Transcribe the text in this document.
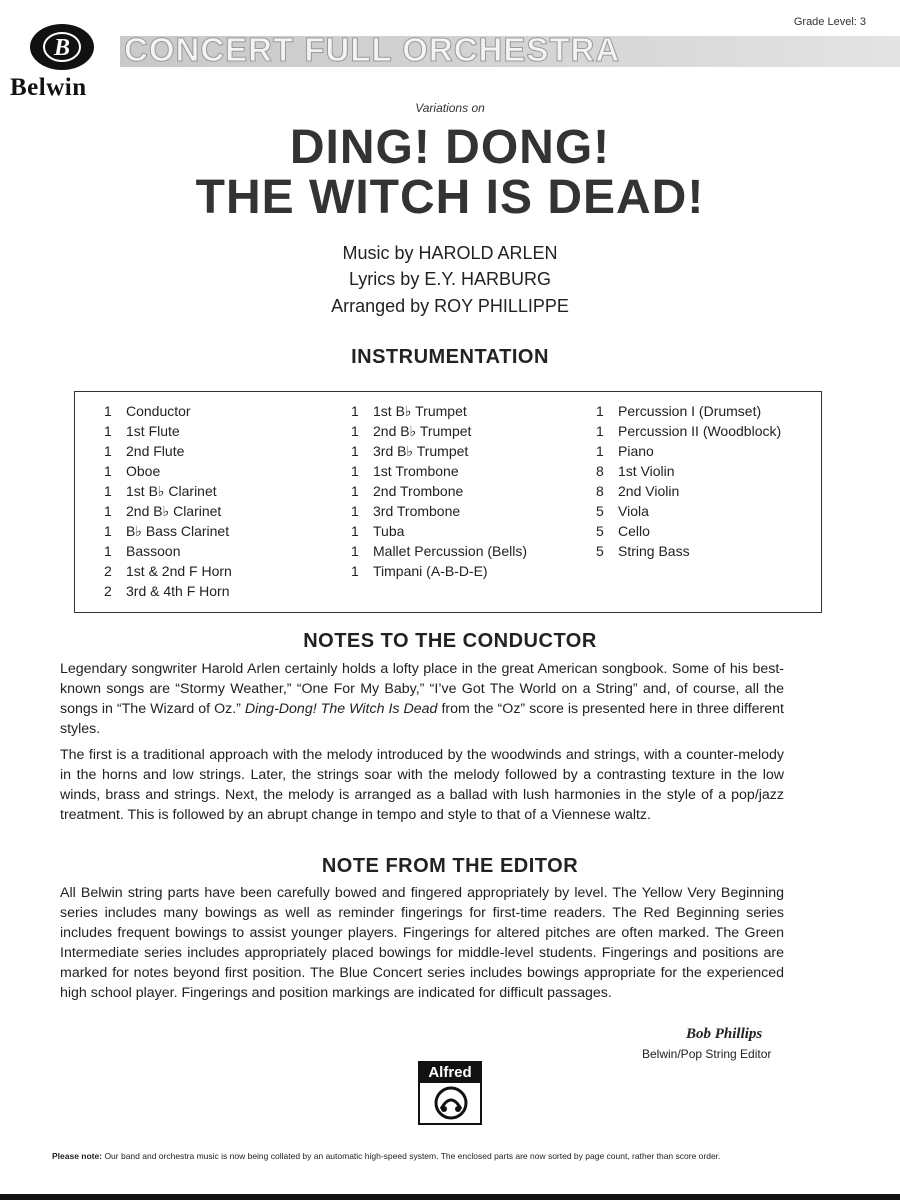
B
Belwin
CONCERT FULL ORCHESTRA
Grade Level: 3
Variations on
DING! DONG!
THE WITCH IS DEAD!
Music by HAROLD ARLEN
Lyrics by E.Y. HARBURG
Arranged by ROY PHILLIPPE
INSTRUMENTATION
1	Conductor
1	1st Flute
1	2nd Flute
1	Oboe
1	1st B♭ Clarinet
1	2nd B♭ Clarinet
1	B♭ Bass Clarinet
1	Bassoon
2	1st & 2nd F Horn
2	3rd & 4th F Horn
1	1st B♭ Trumpet
1	2nd B♭ Trumpet
1	3rd B♭ Trumpet
1	1st Trombone
1	2nd Trombone
1	3rd Trombone
1	Tuba
1	Mallet Percussion (Bells)
1	Timpani (A-B-D-E)
1	Percussion I (Drumset)
1	Percussion II (Woodblock)
1	Piano
8	1st Violin
8	2nd Violin
5	Viola
5	Cello
5	String Bass
NOTES TO THE CONDUCTOR
Legendary songwriter Harold Arlen certainly holds a lofty place in the great American songbook. Some of his best-known songs are “Stormy Weather,” “One For My Baby,” “I’ve Got The World on a String” and, of course, all the songs in “The Wizard of Oz.” Ding-Dong! The Witch Is Dead from the “Oz” score is presented here in three different styles.
The first is a traditional approach with the melody introduced by the woodwinds and strings, with a counter-melody in the horns and low strings. Later, the strings soar with the melody followed by a contrasting texture in the low winds, brass and strings. Next, the melody is arranged as a ballad with lush harmonies in the style of a pop/jazz treatment. This is followed by an abrupt change in tempo and style to that of a Viennese waltz.
NOTE FROM THE EDITOR
All Belwin string parts have been carefully bowed and fingered appropriately by level. The Yellow Very Beginning series includes many bowings as well as reminder fingerings for first-time readers. The Red Beginning series includes frequent bowings to assist younger players. Fingerings for altered pitches are often marked. The Green Intermediate series includes appropriately placed bowings for middle-level students. Fingerings and positions are marked for notes beyond first position. The Blue Concert series includes bowings appropriate for the experienced high school player. Fingerings and position markings are indicated for difficult passages.
Bob Phillips
Belwin/Pop String Editor
Alfred
Please note: Our band and orchestra music is now being collated by an automatic high-speed system. The enclosed parts are now sorted by page count, rather than score order.
